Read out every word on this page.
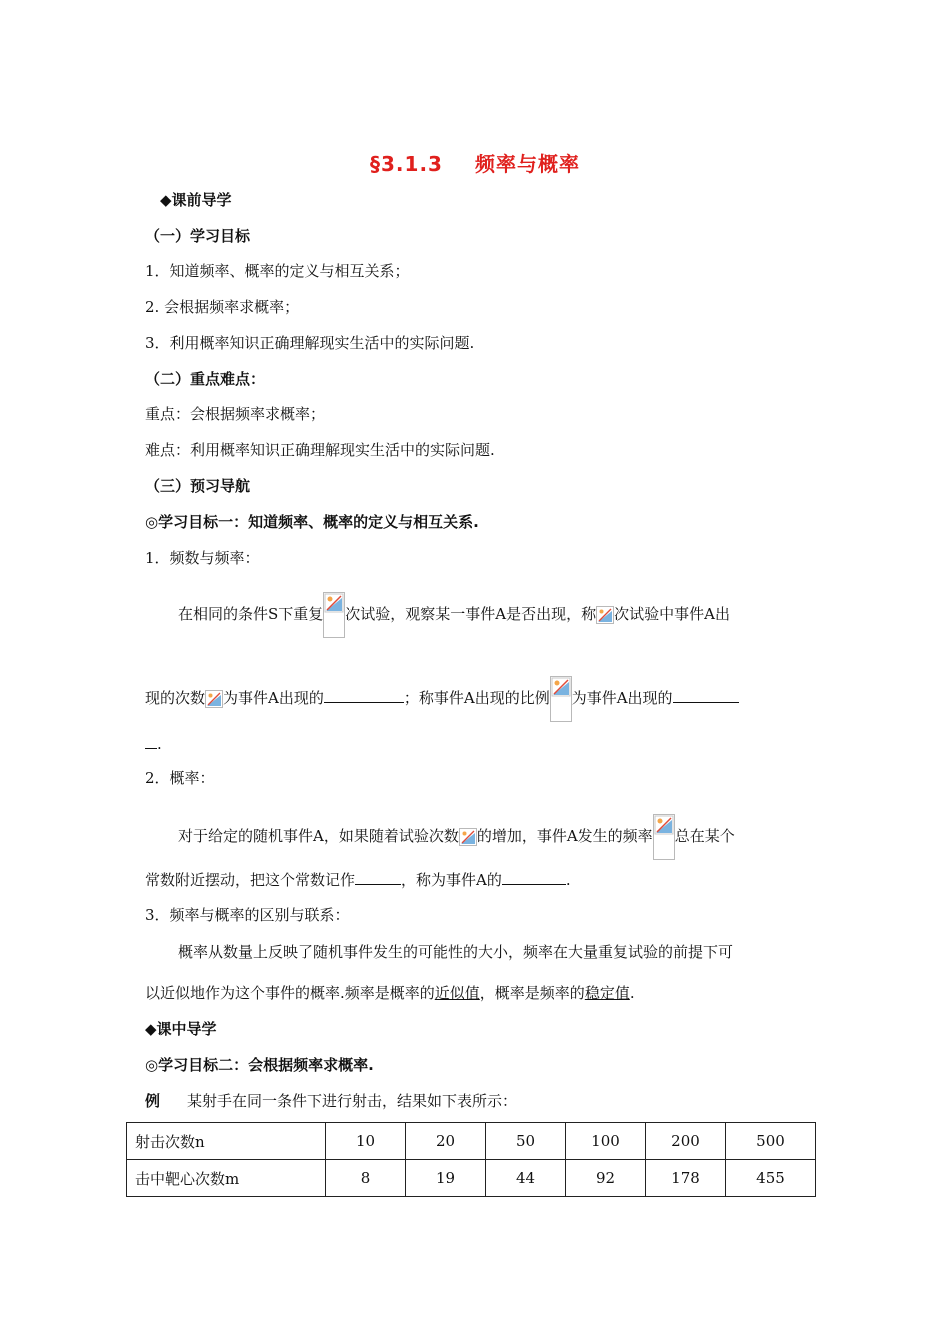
§3.1.3 频率与概率
◆课前导学
（一）学习目标
1．知道频率、概率的定义与相互关系；
2. 会根据频率求概率；
3．利用概率知识正确理解现实生活中的实际问题.
（二）重点难点：
重点：会根据频率求概率；
难点：利用概率知识正确理解现实生活中的实际问题.
（三）预习导航
◎学习目标一：知道频率、概率的定义与相互关系.
1．频数与频率：
在相同的条件S下重复 次试验，观察某一事件A是否出现，称 次试验中事件A出
现的次数 为事件A出现的	；称事件A出现的比例 为事件A出现的
.
2．概率：
对于给定的随机事件A，如果随着试验次数 的增加，事件A发生的频率 总在某个
常数附近摆动，把这个常数记作	，称为事件A的	.
3．频率与概率的区别与联系：
概率从数量上反映了随机事件发生的可能性的大小，频率在大量重复试验的前提下可
以近似地作为这个事件的概率.频率是概率的近似值，概率是频率的稳定值.
◆课中导学
◎学习目标二：会根据频率求概率.
例 某射手在同一条件下进行射击，结果如下表所示：
射击次数n	10	20	50	100	200	500
击中靶心次数m	8	19	44	92	178	455
